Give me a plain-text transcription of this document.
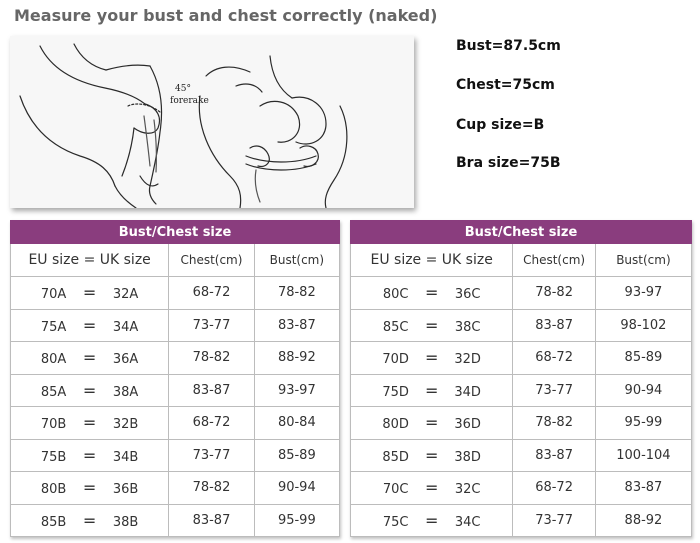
Measure your bust and chest correctly (naked)
45°
forerake
Bust=87.5cm
Chest=75cm
Cup size=B
Bra size=75B
Bust/Chest size		
EU size = UK size	Chest(cm)	Bust(cm)
70A = 32A	68-72	78-82
75A = 34A	73-77	83-87
80A = 36A	78-82	88-92
85A = 38A	83-87	93-97
70B = 32B	68-72	80-84
75B = 34B	73-77	85-89
80B = 36B	78-82	90-94
85B = 38B	83-87	95-99
Bust/Chest size		
EU size = UK size	Chest(cm)	Bust(cm)
80C = 36C	78-82	93-97
85C = 38C	83-87	98-102
70D = 32D	68-72	85-89
75D = 34D	73-77	90-94
80D = 36D	78-82	95-99
85D = 38D	83-87	100-104
70C = 32C	68-72	83-87
75C = 34C	73-77	88-92
